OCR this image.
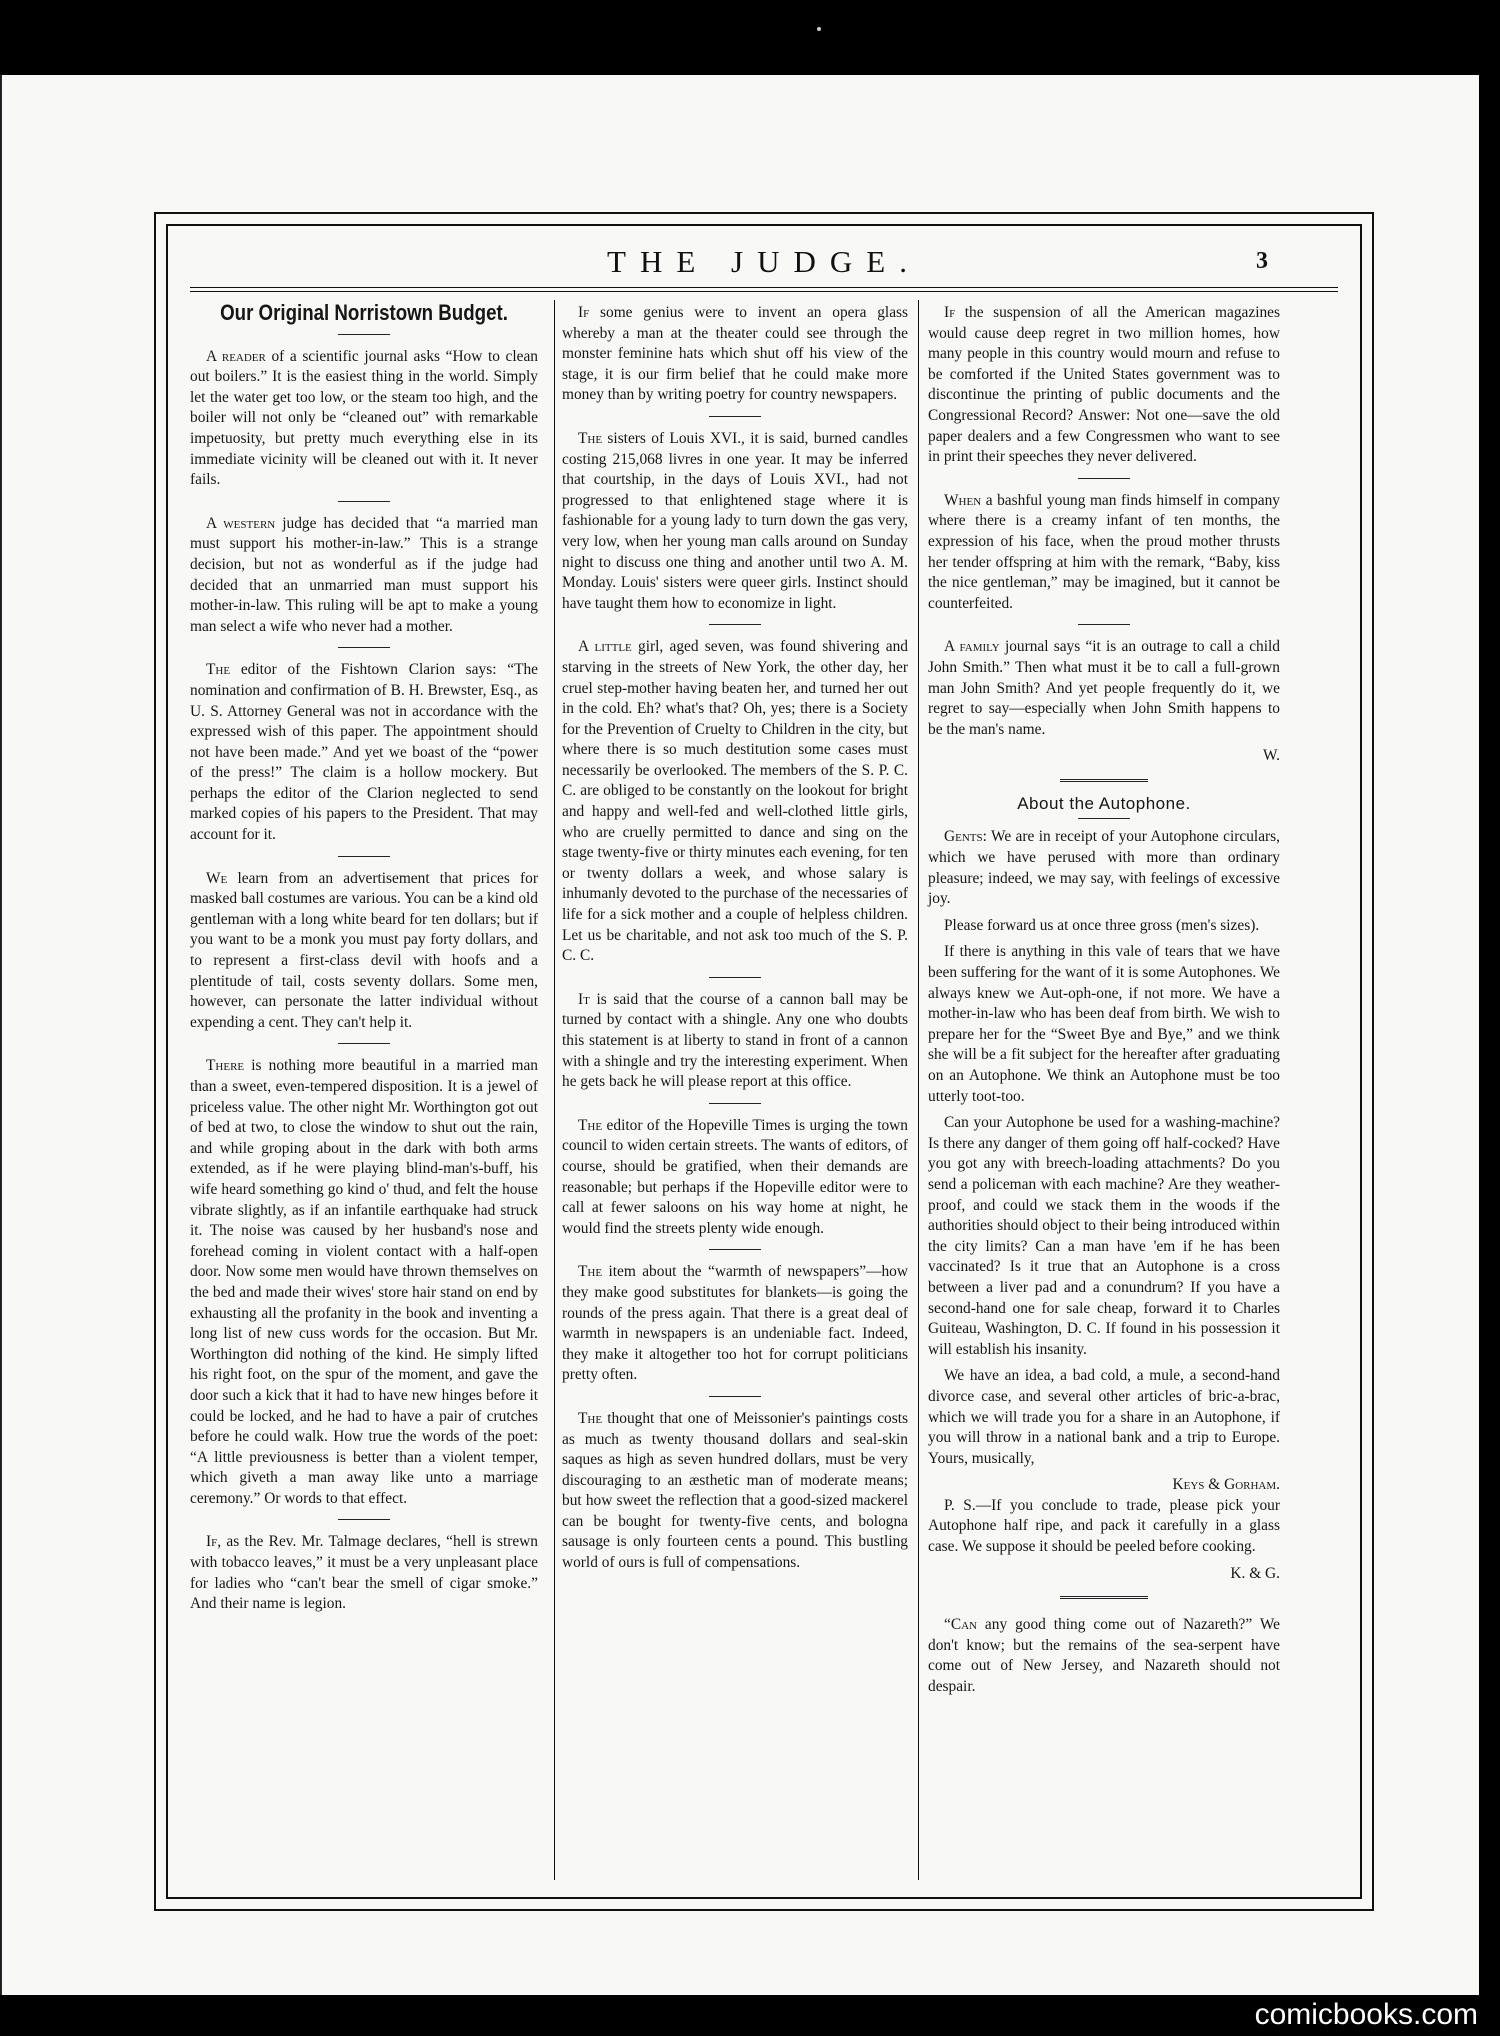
THE JUDGE.	3
Our Original Norristown Budget.

A reader of a scientific journal asks “How to clean out boilers.” It is the easiest thing in the world. Simply let the water get too low, or the steam too high, and the boiler will not only be “cleaned out” with remarkable impetuosity, but pretty much everything else in its immediate vicinity will be cleaned out with it. It never fails.

A western judge has decided that “a married man must support his mother-in-law.” This is a strange decision, but not as wonderful as if the judge had decided that an unmarried man must support his mother-in-law. This ruling will be apt to make a young man select a wife who never had a mother.

The editor of the Fishtown Clarion says: “The nomination and confirmation of B. H. Brewster, Esq., as U. S. Attorney General was not in accordance with the expressed wish of this paper. The appointment should not have been made.” And yet we boast of the “power of the press!” The claim is a hollow mockery. But perhaps the editor of the Clarion neglected to send marked copies of his papers to the President. That may account for it.

We learn from an advertisement that prices for masked ball costumes are various. You can be a kind old gentleman with a long white beard for ten dollars; but if you want to be a monk you must pay forty dollars, and to represent a first-class devil with hoofs and a plentitude of tail, costs seventy dollars. Some men, however, can personate the latter individual without expending a cent. They can't help it.

There is nothing more beautiful in a married man than a sweet, even-tempered disposition. It is a jewel of priceless value. The other night Mr. Worthington got out of bed at two, to close the window to shut out the rain, and while groping about in the dark with both arms extended, as if he were playing blind-man's-buff, his wife heard something go kind o' thud, and felt the house vibrate slightly, as if an infantile earthquake had struck it. The noise was caused by her husband's nose and forehead coming in violent contact with a half-open door. Now some men would have thrown themselves on the bed and made their wives' store hair stand on end by exhausting all the profanity in the book and inventing a long list of new cuss words for the occasion. But Mr. Worthington did nothing of the kind. He simply lifted his right foot, on the spur of the moment, and gave the door such a kick that it had to have new hinges before it could be locked, and he had to have a pair of crutches before he could walk. How true the words of the poet: “A little previousness is better than a violent temper, which giveth a man away like unto a marriage ceremony.” Or words to that effect.

If, as the Rev. Mr. Talmage declares, “hell is strewn with tobacco leaves,” it must be a very unpleasant place for ladies who “can't bear the smell of cigar smoke.” And their name is legion.

If some genius were to invent an opera glass whereby a man at the theater could see through the monster feminine hats which shut off his view of the stage, it is our firm belief that he could make more money than by writing poetry for country newspapers.

The sisters of Louis XVI., it is said, burned candles costing 215,068 livres in one year. It may be inferred that courtship, in the days of Louis XVI., had not progressed to that enlightened stage where it is fashionable for a young lady to turn down the gas very, very low, when her young man calls around on Sunday night to discuss one thing and another until two A. M. Monday. Louis' sisters were queer girls. Instinct should have taught them how to economize in light.

A little girl, aged seven, was found shivering and starving in the streets of New York, the other day, her cruel step-mother having beaten her, and turned her out in the cold. Eh? what's that? Oh, yes; there is a Society for the Prevention of Cruelty to Children in the city, but where there is so much destitution some cases must necessarily be overlooked. The members of the S. P. C. C. are obliged to be constantly on the lookout for bright and happy and well-fed and well-clothed little girls, who are cruelly permitted to dance and sing on the stage twenty-five or thirty minutes each evening, for ten or twenty dollars a week, and whose salary is inhumanly devoted to the purchase of the necessaries of life for a sick mother and a couple of helpless children. Let us be charitable, and not ask too much of the S. P. C. C.

It is said that the course of a cannon ball may be turned by contact with a shingle. Any one who doubts this statement is at liberty to stand in front of a cannon with a shingle and try the interesting experiment. When he gets back he will please report at this office.

The editor of the Hopeville Times is urging the town council to widen certain streets. The wants of editors, of course, should be gratified, when their demands are reasonable; but perhaps if the Hopeville editor were to call at fewer saloons on his way home at night, he would find the streets plenty wide enough.

The item about the “warmth of newspapers”—how they make good substitutes for blankets—is going the rounds of the press again. That there is a great deal of warmth in newspapers is an undeniable fact. Indeed, they make it altogether too hot for corrupt politicians pretty often.

The thought that one of Meissonier's paintings costs as much as twenty thousand dollars and seal-skin saques as high as seven hundred dollars, must be very discouraging to an æsthetic man of moderate means; but how sweet the reflection that a good-sized mackerel can be bought for twenty-five cents, and bologna sausage is only fourteen cents a pound. This bustling world of ours is full of compensations.

If the suspension of all the American magazines would cause deep regret in two million homes, how many people in this country would mourn and refuse to be comforted if the United States government was to discontinue the printing of public documents and the Congressional Record? Answer: Not one—save the old paper dealers and a few Congressmen who want to see in print their speeches they never delivered.

When a bashful young man finds himself in company where there is a creamy infant of ten months, the expression of his face, when the proud mother thrusts her tender offspring at him with the remark, “Baby, kiss the nice gentleman,” may be imagined, but it cannot be counterfeited.

A family journal says “it is an outrage to call a child John Smith.” Then what must it be to call a full-grown man John Smith? And yet people frequently do it, we regret to say—especially when John Smith happens to be the man's name.

W.
About the Autophone.

Gents: We are in receipt of your Autophone circulars, which we have perused with more than ordinary pleasure; indeed, we may say, with feelings of excessive joy.

Please forward us at once three gross (men's sizes).

If there is anything in this vale of tears that we have been suffering for the want of it is some Autophones. We always knew we Aut-oph-one, if not more. We have a mother-in-law who has been deaf from birth. We wish to prepare her for the “Sweet Bye and Bye,” and we think she will be a fit subject for the hereafter after graduating on an Autophone. We think an Autophone must be too utterly toot-too.

Can your Autophone be used for a washing-machine? Is there any danger of them going off half-cocked? Have you got any with breech-loading attachments? Do you send a policeman with each machine? Are they weather-proof, and could we stack them in the woods if the authorities should object to their being introduced within the city limits? Can a man have 'em if he has been vaccinated? Is it true that an Autophone is a cross between a liver pad and a conundrum? If you have a second-hand one for sale cheap, forward it to Charles Guiteau, Washington, D. C. If found in his possession it will establish his insanity.

We have an idea, a bad cold, a mule, a second-hand divorce case, and several other articles of bric-a-brac, which we will trade you for a share in an Autophone, if you will throw in a national bank and a trip to Europe. Yours, musically,

Keys & Gorham.

P. S.—If you conclude to trade, please pick your Autophone half ripe, and pack it carefully in a glass case. We suppose it should be peeled before cooking.

K. & G.

“Can any good thing come out of Nazareth?” We don't know; but the remains of the sea-serpent have come out of New Jersey, and Nazareth should not despair.

comicbooks.com
